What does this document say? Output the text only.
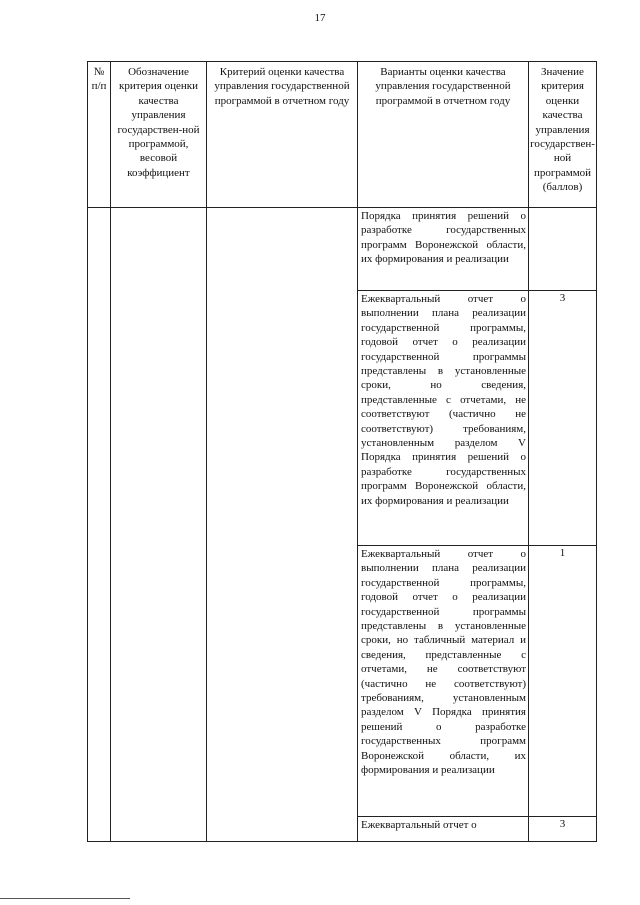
17
№ п/п	Обозначение критерия оценки качества управления государствен-ной программой, весовой коэффициент	Критерий оценки качества управления государственной программой в отчетном году	Варианты оценки качества управления государственной программой в отчетном году	Значение критерия оценки качества управления государствен-ной программой (баллов)

			Порядка принятия решений о разработке государственных программ Воронежской области, их формирования и реализации	

			Ежеквартальный отчет о выполнении плана реализации государственной программы, годовой отчет о реализации государственной программы представлены в установленные сроки, но сведения, представленные с отчетами, не соответствуют (частично не соответствуют) требованиям, установленным разделом V Порядка принятия решений о разработке государственных программ Воронежской области, их формирования и реализации	3

			Ежеквартальный отчет о выполнении плана реализации государственной программы, годовой отчет о реализации государственной программы представлены в установленные сроки, но табличный материал и сведения, представленные с отчетами, не соответствуют (частично не соответствуют) требованиям, установленным разделом V Порядка принятия решений о разработке государственных программ Воронежской области, их формирования и реализации	1

			Ежеквартальный отчет о	3
